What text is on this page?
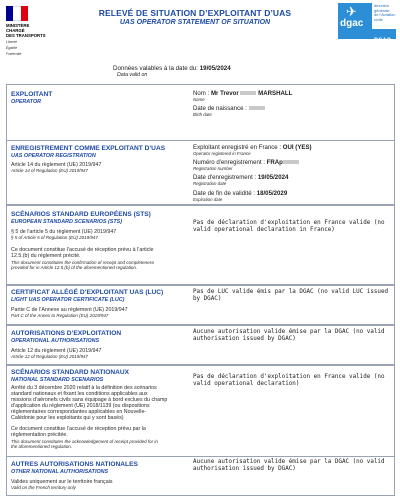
MINISTÈRE
CHARGÉ
DES TRANSPORTS
Liberté
Égalité
Fraternité
RELEVÉ DE SITUATION D’EXPLOITANT D’UAS
UAS OPERATOR STATEMENT OF SITUATION
✈
dgac
direction
générale
de l’Aviation
civile
DSAC
Données valables à la date du: 19/05/2024
Data valid on
EXPLOITANT
OPERATOR
Nom : Mr Trevor	MARSHALL
Name
Date de naissance :
Birth date
ENREGISTREMENT COMME EXPLOITANT D’UAS
UAS OPERATOR REGISTRATION
Article 14 du règlement (UE) 2019/947
Article 14 of Regulation (EU) 2019/947
Exploitant enregistré en France : OUI (YES)
Operator registered in France
Numéro d'enregistrement : FRAp
Registration number
Date d'enregistrement : 19/05/2024
Registration date
Date de fin de validité : 18/05/2029
Expiration date
SCÉNARIOS STANDARD EUROPÉENS (STS)
EUROPEAN STANDARD SCENARIOS (STS)
§ 5 de l'article 5 du règlement (UE) 2019/947
§ 5 of Article 5 of Regulation (EU) 2019/947
Ce document constitue l’accusé de réception prévu à l’article
12.5.(b) du règlement précité.
This document constitutes the confirmation of receipt and completeness
provided for in Article 12.5.(b) of the aforementioned regulation.
Pas de déclaration d'exploitation en France valide (no valid operational declaration in France)
CERTIFICAT ALLÉGÉ D’EXPLOITANT UAS (LUC)
LIGHT UAS OPERATOR CERTIFICATE (LUC)
Partie C de l’Annexe au règlement (UE) 2019/947
Part C of the Annex to Regulation (EU) 2019/947
Pas de LUC valide émis par la DGAC (no valid LUC issued by DGAC)
AUTORISATIONS D’EXPLOITATION
OPERATIONAL AUTHORISATIONS
Article 12 du règlement (UE) 2019/947
Article 12 of Regulation (EU) 2019/947
Aucune autorisation valide émise par la DGAC (no valid authorisation issued by DGAC)
SCÉNARIOS STANDARD NATIONAUX
NATIONAL STANDARD SCENARIOS
Arrêté du 3 décembre 2020 relatif à la définition des scénarios
standard nationaux et fixant les conditions applicables aux
missions d’aéronefs civils sans équipage à bord exclues du champ
d’application du règlement (UE) 2018/1139 (ou dispositions
réglementaires correspondantes applicables en Nouvelle-
Calédonie pour les exploitants qui y sont basés)
Ce document constitue l’accusé de réception prévu par la
réglementation précitée.
This document constitutes the acknowledgement of receipt provided for in
the aforementioned regulation.
Pas de déclaration d'exploitation en France valide (no valid operational declaration)
AUTRES AUTORISATIONS NATIONALES
OTHER NATIONAL AUTHORISATIONS
Valides uniquement sur le territoire français
Valid on the French territory only
Aucune autorisation valide émise par la DGAC (no valid authorisation issued by DGAC)
